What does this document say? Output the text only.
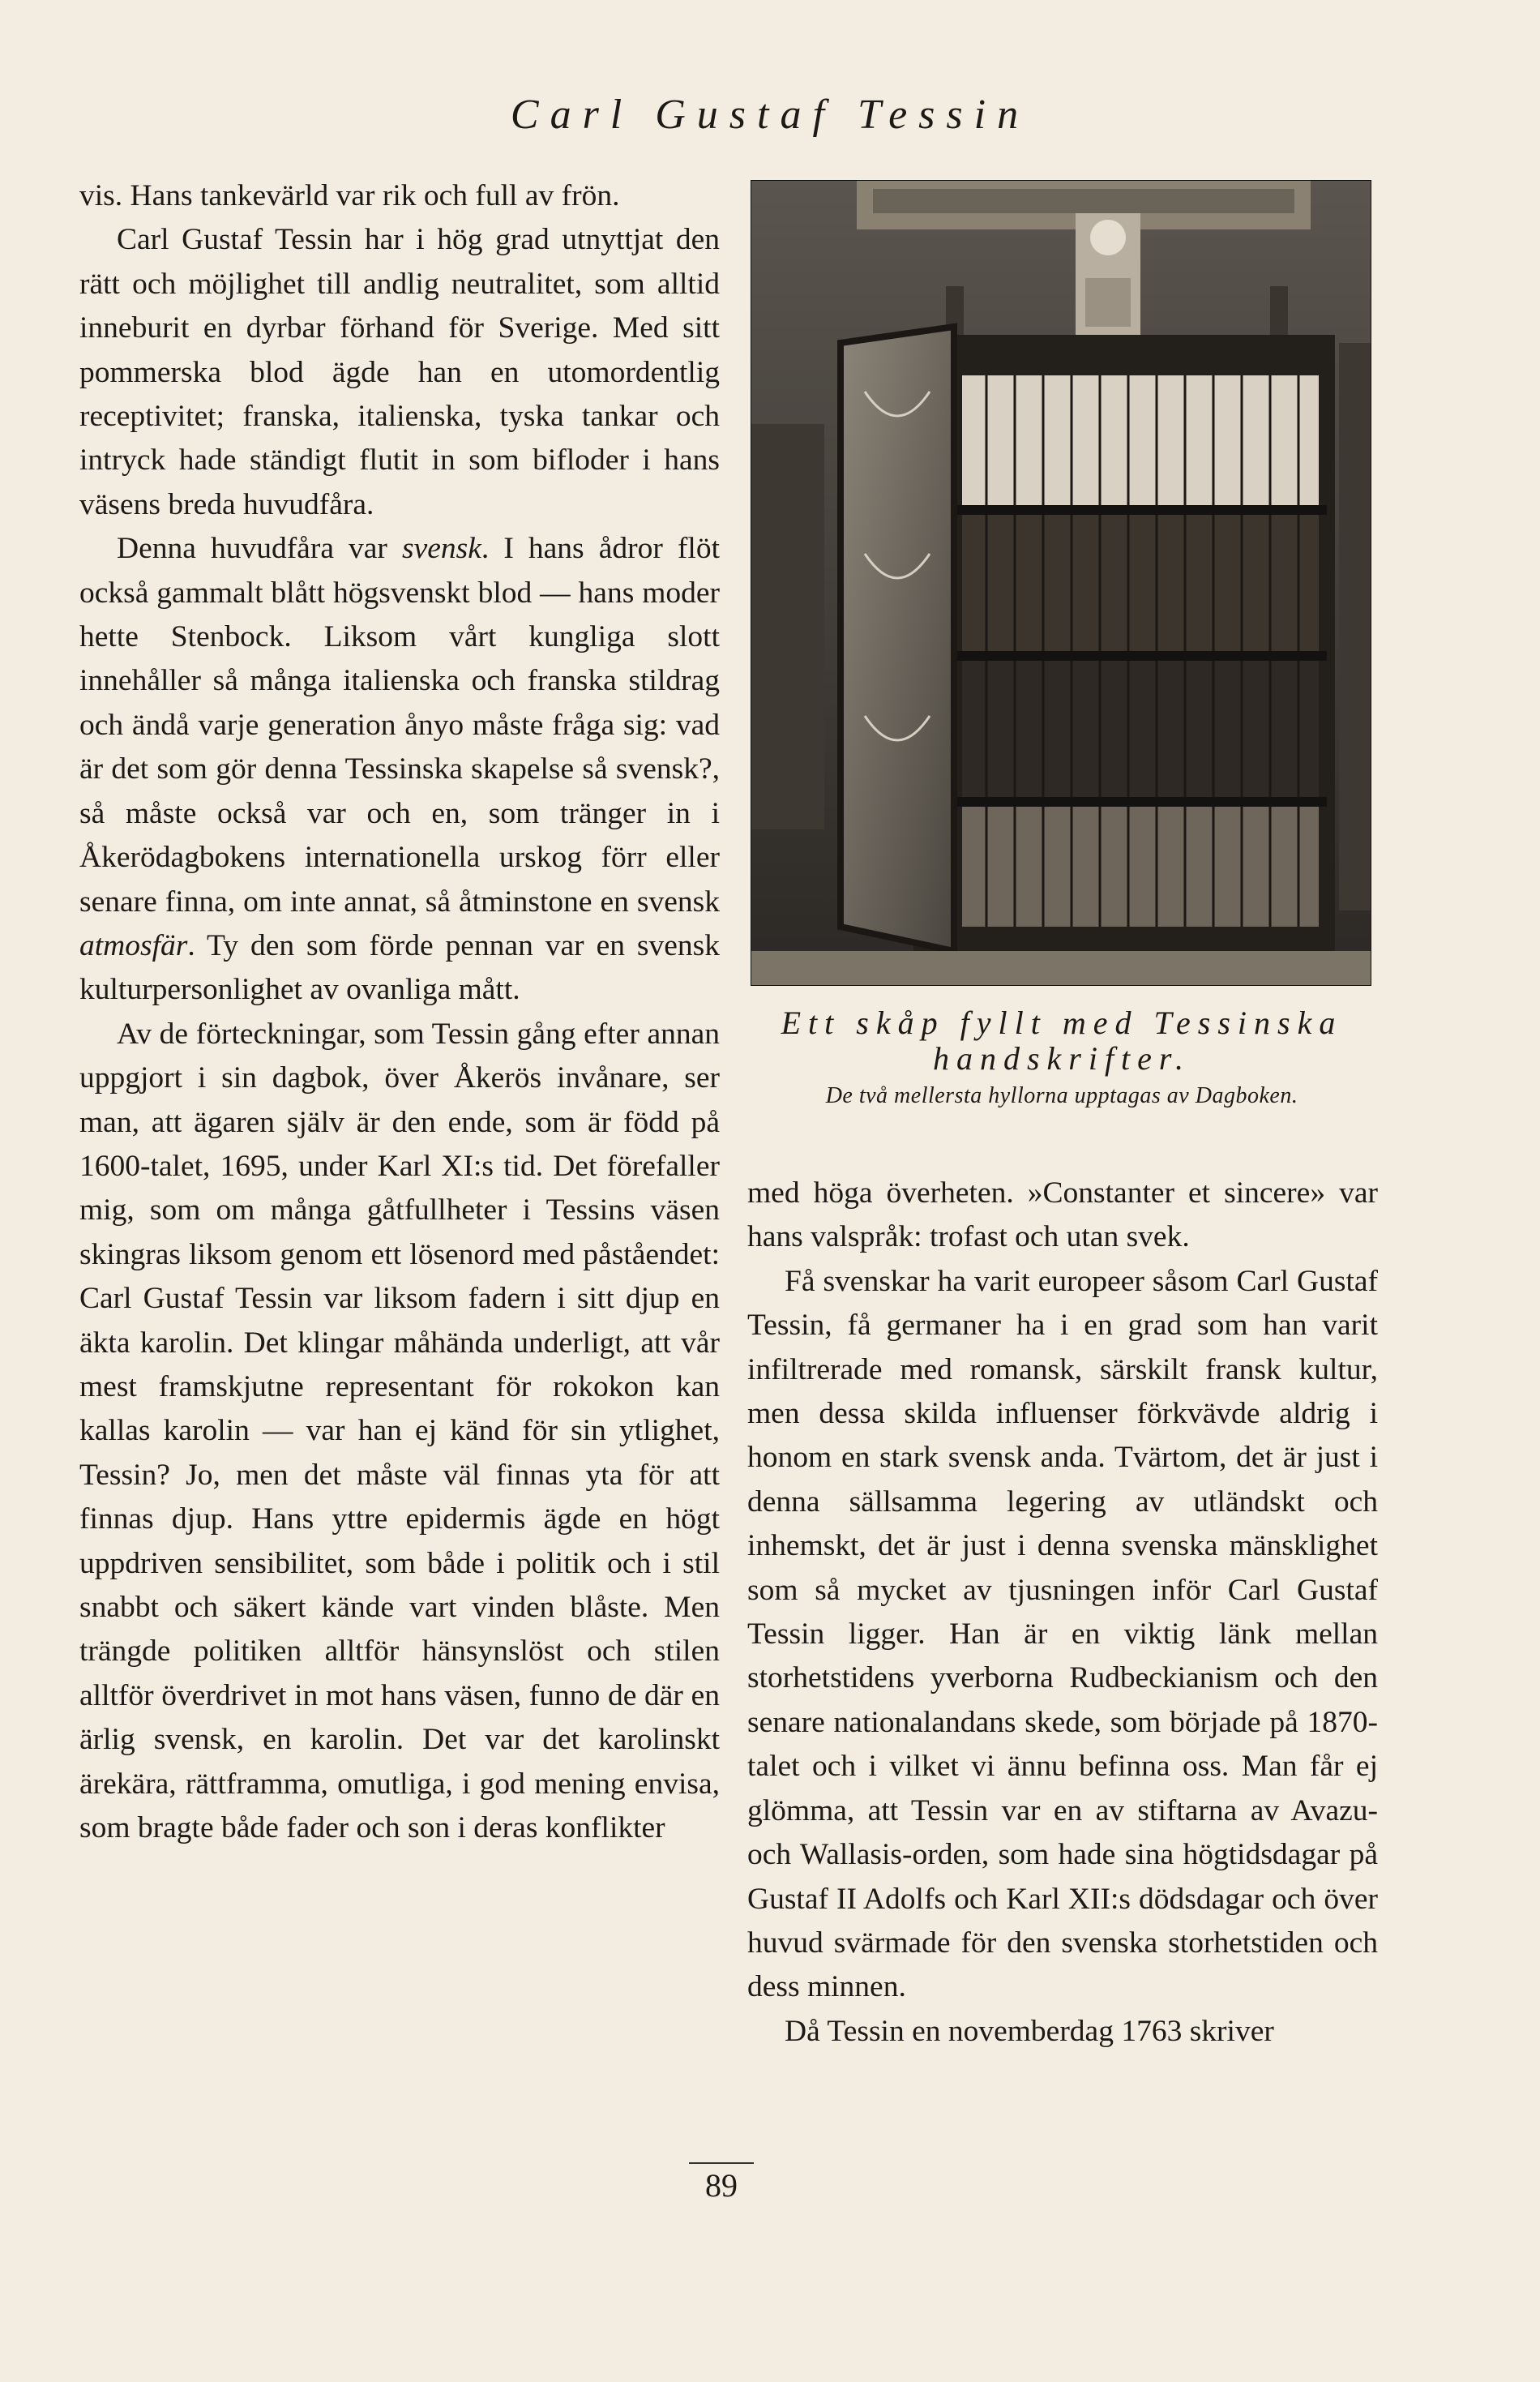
Carl Gustaf Tessin

vis. Hans tankevärld var rik och full av frön.

Carl Gustaf Tessin har i hög grad utnyttjat den rätt och möjlighet till andlig neutralitet, som alltid inneburit en dyrbar förhand för Sverige. Med sitt pommerska blod ägde han en utomordentlig receptivitet; franska, italienska, tyska tankar och intryck hade ständigt flutit in som bifloder i hans väsens breda huvudfåra.

Denna huvudfåra var svensk. I hans ådror flöt också gammalt blått högsvenskt blod — hans moder hette Stenbock. Liksom vårt kungliga slott innehåller så många italienska och franska stildrag och ändå varje generation ånyo måste fråga sig: vad är det som gör denna Tessinska skapelse så svensk?, så måste också var och en, som tränger in i Åkerödagbokens internationella urskog förr eller senare finna, om inte annat, så åtminstone en svensk atmosfär. Ty den som förde pennan var en svensk kulturpersonlighet av ovanliga mått.

Av de förteckningar, som Tessin gång efter annan uppgjort i sin dagbok, över Åkerös invånare, ser man, att ägaren själv är den ende, som är född på 1600-talet, 1695, under Karl XI:s tid. Det förefaller mig, som om många gåtfullheter i Tessins väsen skingras liksom genom ett lösenord med påståendet: Carl Gustaf Tessin var liksom fadern i sitt djup en äkta karolin. Det klingar måhända underligt, att vår mest framskjutne representant för rokokon kan kallas karolin — var han ej känd för sin ytlighet, Tessin? Jo, men det måste väl finnas yta för att finnas djup. Hans yttre epidermis ägde en högt uppdriven sensibilitet, som både i politik och i stil snabbt och säkert kände vart vinden blåste. Men trängde politiken alltför hänsynslöst och stilen alltför överdrivet in mot hans väsen, funno de där en ärlig svensk, en karolin. Det var det karolinskt ärekära, rättframma, omutliga, i god mening envisa, som bragte både fader och son i deras konflikter

Ett skåp fyllt med Tessinska handskrifter.
De två mellersta hyllorna upptagas av Dagboken.

med höga överheten. »Constanter et sincere» var hans valspråk: trofast och utan svek.

Få svenskar ha varit europeer såsom Carl Gustaf Tessin, få germaner ha i en grad som han varit infiltrerade med romansk, särskilt fransk kultur, men dessa skilda influenser förkvävde aldrig i honom en stark svensk anda. Tvärtom, det är just i denna sällsamma legering av utländskt och inhemskt, det är just i denna svenska mänsklighet som så mycket av tjusningen inför Carl Gustaf Tessin ligger. Han är en viktig länk mellan storhetstidens yverborna Rudbeckianism och den senare nationalandans skede, som började på 1870-talet och i vilket vi ännu befinna oss. Man får ej glömma, att Tessin var en av stiftarna av Avazu- och Wallasis-orden, som hade sina högtidsdagar på Gustaf II Adolfs och Karl XII:s dödsdagar och över huvud svärmade för den svenska storhetstiden och dess minnen.

Då Tessin en novemberdag 1763 skriver

89
